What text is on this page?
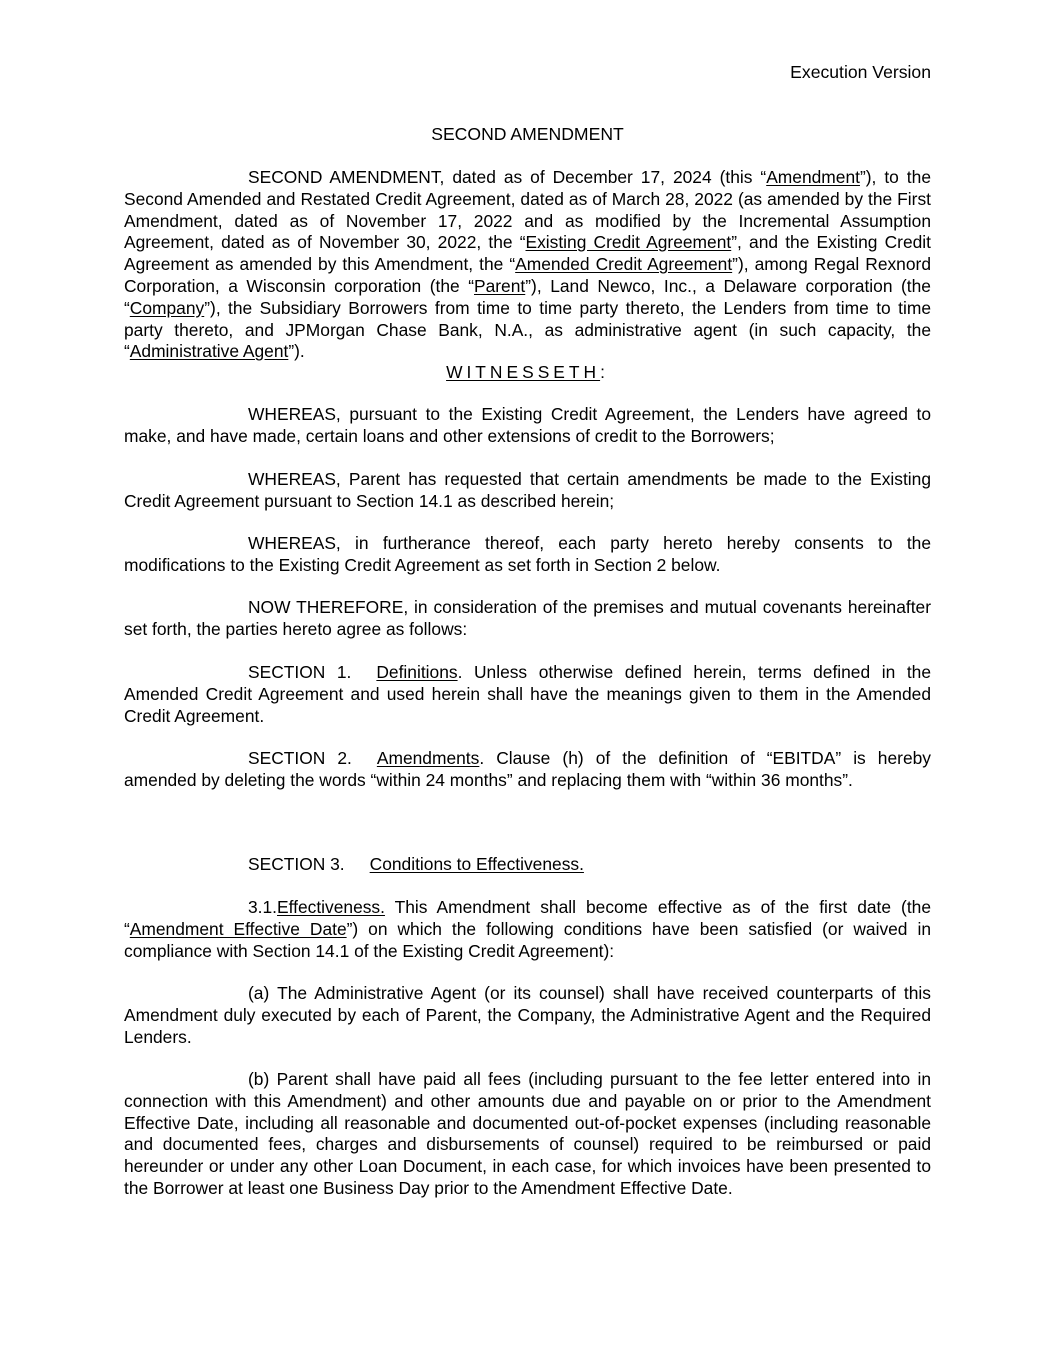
Execution Version
SECOND AMENDMENT
SECOND AMENDMENT, dated as of December 17, 2024 (this “Amendment”), to the Second Amended and Restated Credit Agreement, dated as of March 28, 2022 (as amended by the First Amendment, dated as of November 17, 2022 and as modified by the Incremental Assumption Agreement, dated as of November 30, 2022, the “Existing Credit Agreement”, and the Existing Credit Agreement as amended by this Amendment, the “Amended Credit Agreement”), among Regal Rexnord Corporation, a Wisconsin corporation (the “Parent”), Land Newco, Inc., a Delaware corporation (the “Company”), the Subsidiary Borrowers from time to time party thereto, the Lenders from time to time party thereto, and JPMorgan Chase Bank, N.A., as administrative agent (in such capacity, the “Administrative Agent”).
WITNESSETH:
WHEREAS, pursuant to the Existing Credit Agreement, the Lenders have agreed to make, and have made, certain loans and other extensions of credit to the Borrowers;
WHEREAS, Parent has requested that certain amendments be made to the Existing Credit Agreement pursuant to Section 14.1 as described herein;
WHEREAS, in furtherance thereof, each party hereto hereby consents to the modifications to the Existing Credit Agreement as set forth in Section 2 below.
NOW THEREFORE, in consideration of the premises and mutual covenants hereinafter set forth, the parties hereto agree as follows:
SECTION 1. Definitions. Unless otherwise defined herein, terms defined in the Amended Credit Agreement and used herein shall have the meanings given to them in the Amended Credit Agreement.
SECTION 2. Amendments. Clause (h) of the definition of “EBITDA” is hereby amended by deleting the words “within 24 months” and replacing them with “within 36 months”.
SECTION 3. Conditions to Effectiveness.
3.1.Effectiveness. This Amendment shall become effective as of the first date (the “Amendment Effective Date”) on which the following conditions have been satisfied (or waived in compliance with Section 14.1 of the Existing Credit Agreement):
(a) The Administrative Agent (or its counsel) shall have received counterparts of this Amendment duly executed by each of Parent, the Company, the Administrative Agent and the Required Lenders.
(b) Parent shall have paid all fees (including pursuant to the fee letter entered into in connection with this Amendment) and other amounts due and payable on or prior to the Amendment Effective Date, including all reasonable and documented out-of-pocket expenses (including reasonable and documented fees, charges and disbursements of counsel) required to be reimbursed or paid hereunder or under any other Loan Document, in each case, for which invoices have been presented to the Borrower at least one Business Day prior to the Amendment Effective Date.
